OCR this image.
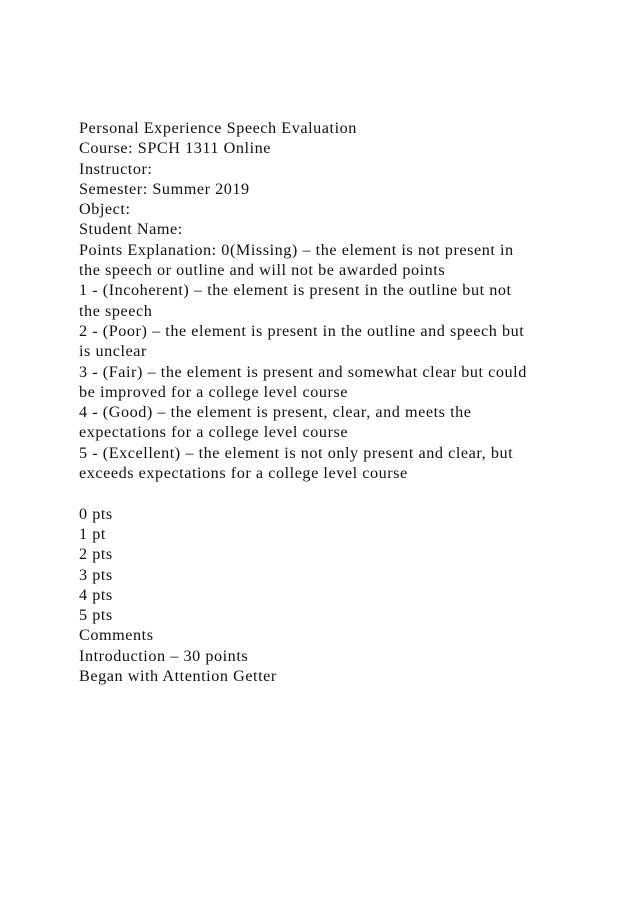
Personal Experience Speech Evaluation
Course: SPCH 1311 Online
Instructor:
Semester: Summer 2019
Object:
Student Name:
Points Explanation: 0(Missing) – the element is not present in
the speech or outline and will not be awarded points
1 - (Incoherent) – the element is present in the outline but not
the speech
2 - (Poor) – the element is present in the outline and speech but
is unclear
3 - (Fair) – the element is present and somewhat clear but could
be improved for a college level course
4 - (Good) – the element is present, clear, and meets the
expectations for a college level course
5 - (Excellent) – the element is not only present and clear, but
exceeds expectations for a college level course
0 pts
1 pt
2 pts
3 pts
4 pts
5 pts
Comments
Introduction – 30 points
Began with Attention Getter
